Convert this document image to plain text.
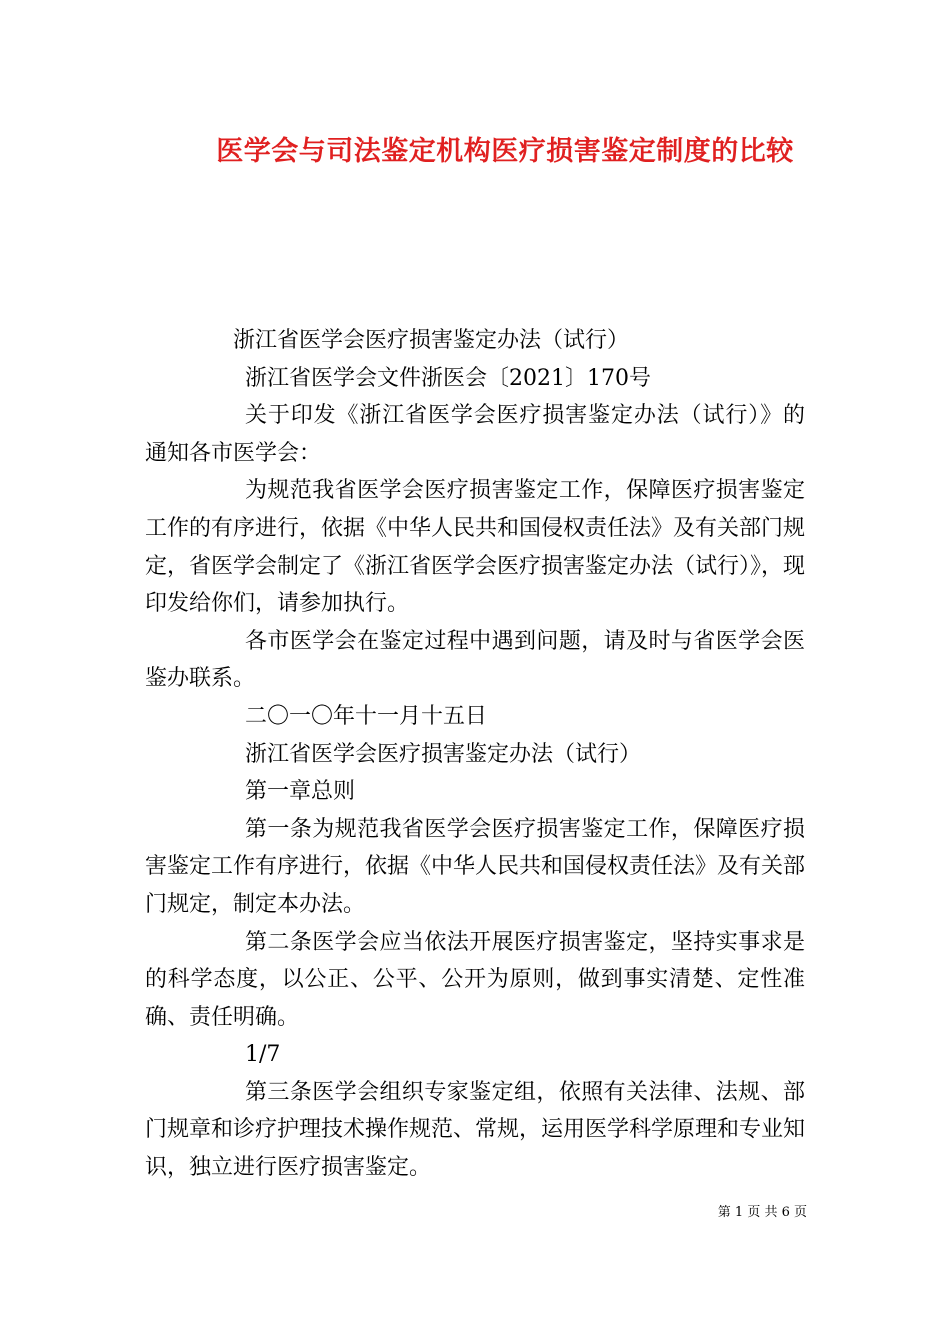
医学会与司法鉴定机构医疗损害鉴定制度的比较

浙江省医学会医疗损害鉴定办法（试行）

浙江省医学会文件浙医会〔2021〕170号

关于印发《浙江省医学会医疗损害鉴定办法（试行）》的通知各市医学会：

为规范我省医学会医疗损害鉴定工作，保障医疗损害鉴定工作的有序进行，依据《中华人民共和国侵权责任法》及有关部门规定，省医学会制定了《浙江省医学会医疗损害鉴定办法（试行）》，现印发给你们，请参加执行。

各市医学会在鉴定过程中遇到问题，请及时与省医学会医鉴办联系。

二〇一〇年十一月十五日

浙江省医学会医疗损害鉴定办法（试行）

第一章总则

第一条为规范我省医学会医疗损害鉴定工作，保障医疗损害鉴定工作有序进行，依据《中华人民共和国侵权责任法》及有关部门规定，制定本办法。

第二条医学会应当依法开展医疗损害鉴定，坚持实事求是的科学态度，以公正、公平、公开为原则，做到事实清楚、定性准确、责任明确。

1/7

第三条医学会组织专家鉴定组，依照有关法律、法规、部门规章和诊疗护理技术操作规范、常规，运用医学科学原理和专业知识，独立进行医疗损害鉴定。

第 1 页 共 6 页
